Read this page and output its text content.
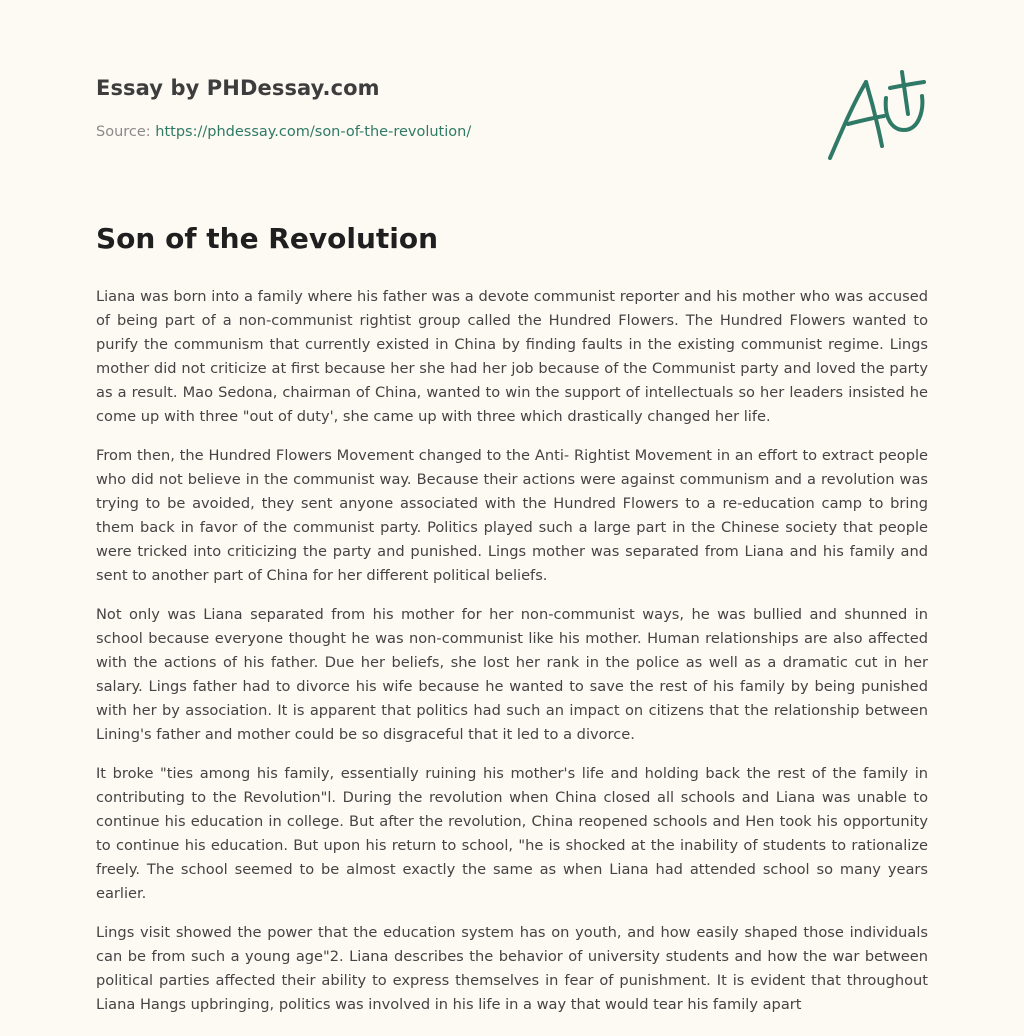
Essay by PHDessay.com
Source: https://phdessay.com/son-of-the-revolution/
Son of the Revolution

Liana was born into a family where his father was a devote communist reporter and his mother who was accused of being part of a non-communist rightist group called the Hundred Flowers. The Hundred Flowers wanted to purify the communism that currently existed in China by finding faults in the existing communist regime. Lings mother did not criticize at first because her she had her job because of the Communist party and loved the party as a result. Mao Sedona, chairman of China, wanted to win the support of intellectuals so her leaders insisted he come up with three "out of duty', she came up with three which drastically changed her life.

From then, the Hundred Flowers Movement changed to the Anti- Rightist Movement in an effort to extract people who did not believe in the communist way. Because their actions were against communism and a revolution was trying to be avoided, they sent anyone associated with the Hundred Flowers to a re-education camp to bring them back in favor of the communist party. Politics played such a large part in the Chinese society that people were tricked into criticizing the party and punished. Lings mother was separated from Liana and his family and sent to another part of China for her different political beliefs.

Not only was Liana separated from his mother for her non-communist ways, he was bullied and shunned in school because everyone thought he was non-communist like his mother. Human relationships are also affected with the actions of his father. Due her beliefs, she lost her rank in the police as well as a dramatic cut in her salary. Lings father had to divorce his wife because he wanted to save the rest of his family by being punished with her by association. It is apparent that politics had such an impact on citizens that the relationship between Lining's father and mother could be so disgraceful that it led to a divorce.

It broke "ties among his family, essentially ruining his mother's life and holding back the rest of the family in contributing to the Revolution"l. During the revolution when China closed all schools and Liana was unable to continue his education in college. But after the revolution, China reopened schools and Hen took his opportunity to continue his education. But upon his return to school, "he is shocked at the inability of students to rationalize freely. The school seemed to be almost exactly the same as when Liana had attended school so many years earlier.

Lings visit showed the power that the education system has on youth, and how easily shaped those individuals can be from such a young age"2. Liana describes the behavior of university students and how the war between political parties affected their ability to express themselves in fear of punishment. It is evident that throughout Liana Hangs upbringing, politics was involved in his life in a way that would tear his family apart
